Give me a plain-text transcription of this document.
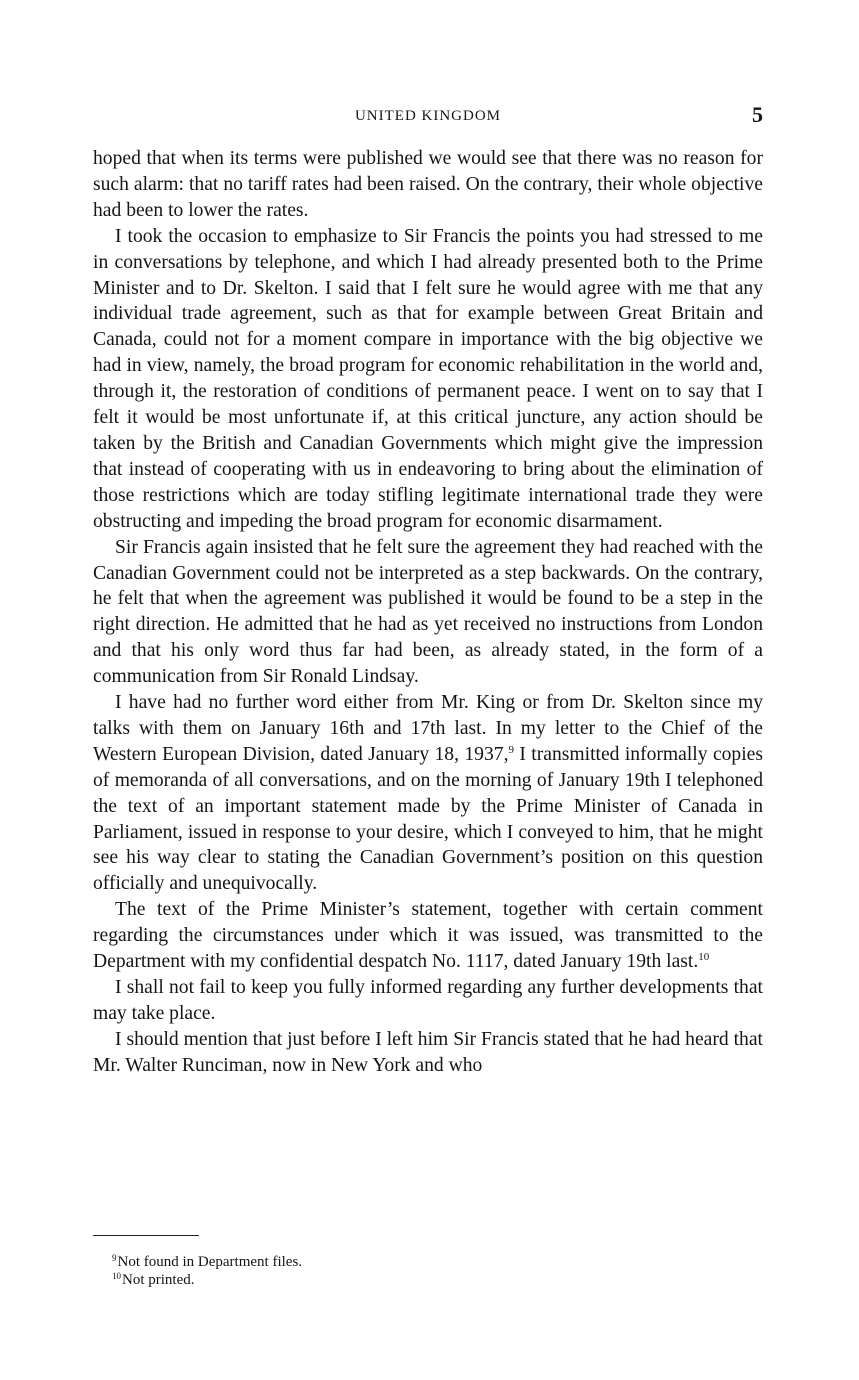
UNITED KINGDOM	5

hoped that when its terms were published we would see that there was no reason for such alarm: that no tariff rates had been raised. On the contrary, their whole objective had been to lower the rates.

I took the occasion to emphasize to Sir Francis the points you had stressed to me in conversations by telephone, and which I had already presented both to the Prime Minister and to Dr. Skelton. I said that I felt sure he would agree with me that any individual trade agreement, such as that for example between Great Britain and Canada, could not for a moment compare in importance with the big objective we had in view, namely, the broad program for economic rehabilitation in the world and, through it, the restoration of conditions of permanent peace. I went on to say that I felt it would be most unfortunate if, at this critical juncture, any action should be taken by the British and Canadian Governments which might give the impression that instead of cooperating with us in endeavoring to bring about the elimination of those restrictions which are today stifling legitimate international trade they were obstructing and impeding the broad program for economic disarmament.

Sir Francis again insisted that he felt sure the agreement they had reached with the Canadian Government could not be interpreted as a step backwards. On the contrary, he felt that when the agreement was published it would be found to be a step in the right direction. He admitted that he had as yet received no instructions from London and that his only word thus far had been, as already stated, in the form of a communication from Sir Ronald Lindsay.

I have had no further word either from Mr. King or from Dr. Skelton since my talks with them on January 16th and 17th last. In my letter to the Chief of the Western European Division, dated January 18, 1937,$^9$ I transmitted informally copies of memoranda of all conversations, and on the morning of January 19th I telephoned the text of an important statement made by the Prime Minister of Canada in Parliament, issued in response to your desire, which I conveyed to him, that he might see his way clear to stating the Canadian Government’s position on this question officially and unequivocally.

The text of the Prime Minister’s statement, together with certain comment regarding the circumstances under which it was issued, was transmitted to the Department with my confidential despatch No. 1117, dated January 19th last.$^{10}$

I shall not fail to keep you fully informed regarding any further developments that may take place.

I should mention that just before I left him Sir Francis stated that he had heard that Mr. Walter Runciman, now in New York and who

$^9$Not found in Department files.

$^{10}$Not printed.
